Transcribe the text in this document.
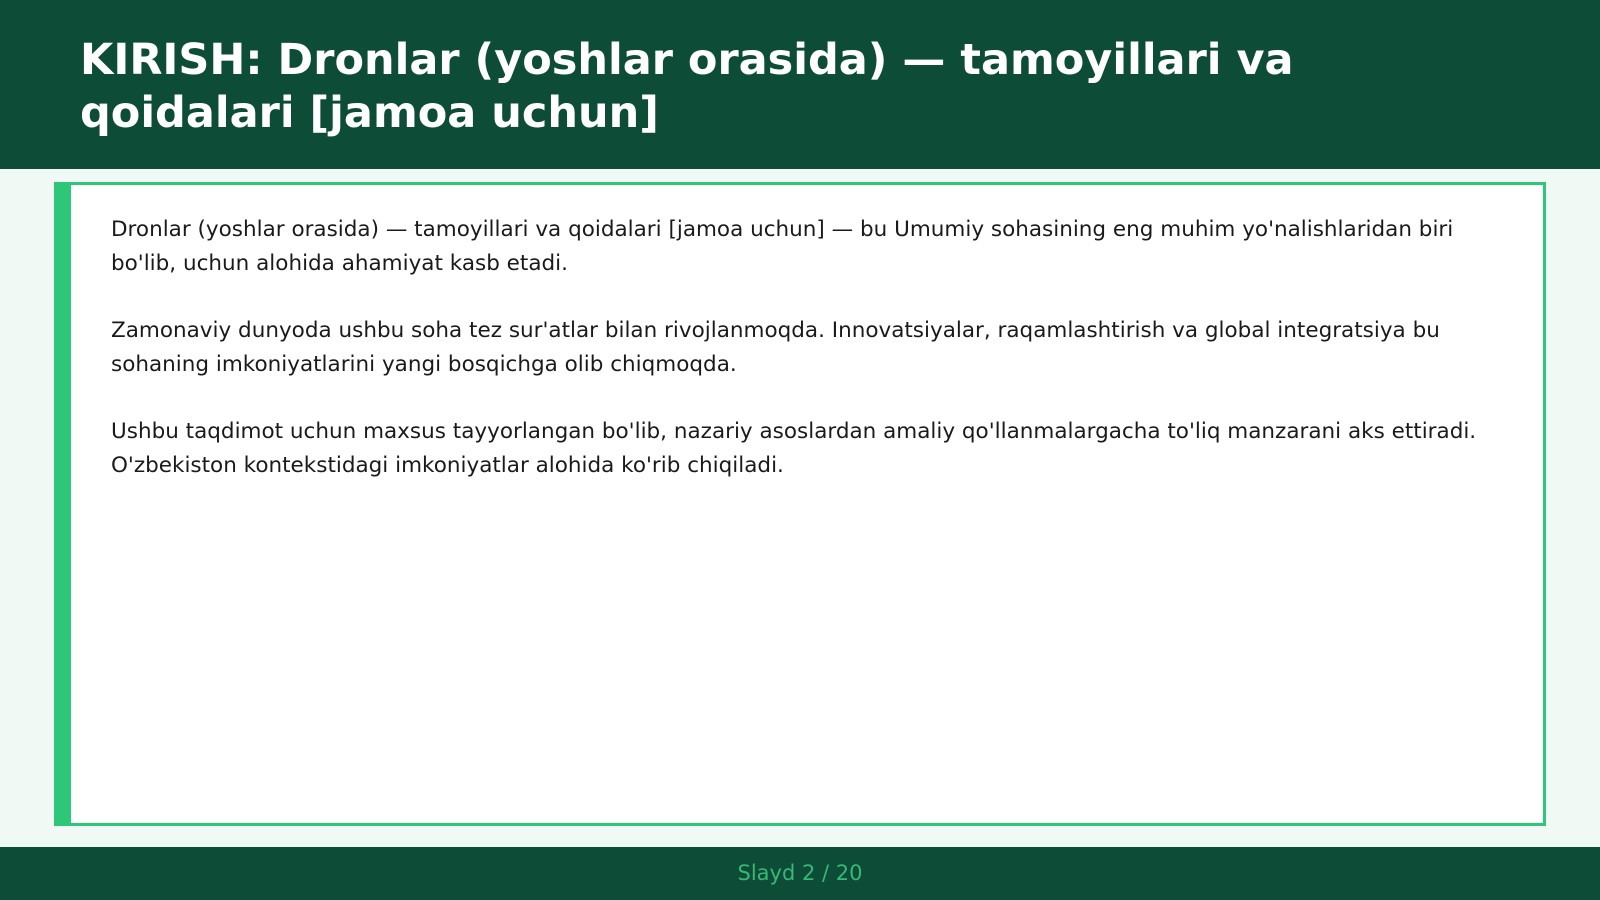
KIRISH: Dronlar (yoshlar orasida) — tamoyillari va qoidalari [jamoa uchun]

Dronlar (yoshlar orasida) — tamoyillari va qoidalari [jamoa uchun] — bu Umumiy sohasining eng muhim yo'nalishlaridan biri bo'lib, uchun alohida ahamiyat kasb etadi.

Zamonaviy dunyoda ushbu soha tez sur'atlar bilan rivojlanmoqda. Innovatsiyalar, raqamlashtirish va global integratsiya bu sohaning imkoniyatlarini yangi bosqichga olib chiqmoqda.

Ushbu taqdimot uchun maxsus tayyorlangan bo'lib, nazariy asoslardan amaliy qo'llanmalargacha to'liq manzarani aks ettiradi. O'zbekiston kontekstidagi imkoniyatlar alohida ko'rib chiqiladi.

Slayd 2 / 20
